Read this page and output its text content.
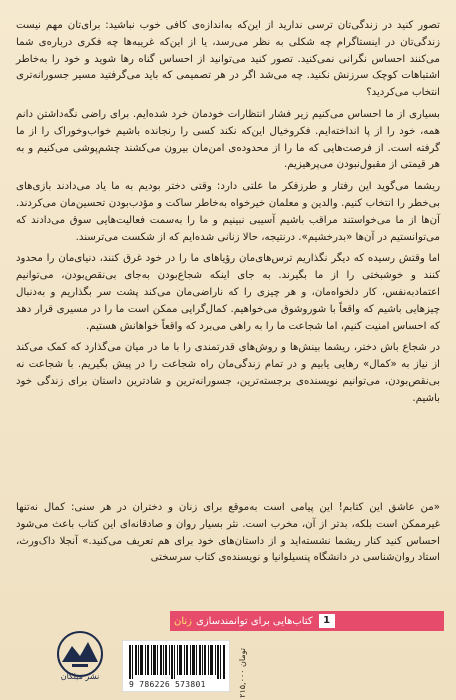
تصور کنید در زندگی‌تان ترسی ندارید از این‌که به‌اندازه‌ی کافی خوب نباشید: برای‌تان مهم نیست زندگی‌تان در اینستاگرام چه شکلی به نظر می‌رسد، یا از این‌که غریبه‌ها چه فکری درباره‌ی شما می‌کنند احساس نگرانی نمی‌کنید. تصور کنید می‌توانید از احساس گناه رها شوید و خود را به‌خاطر اشتباهات کوچک سرزنش نکنید. چه می‌شد اگر در هر تصمیمی که باید می‌گرفتید مسیر جسورانه‌تری انتخاب می‌کردید؟

بسیاری از ما احساس می‌کنیم زیر فشار انتظارات خودمان خرد شده‌ایم. برای راضی نگه‌داشتن دانم همه، خود را از پا انداخته‌ایم. فکروخیال این‌که نکند کسی را رنجانده باشیم خواب‌وخوراک را از ما گرفته است. از فرصت‌هایی که ما را از محدوده‌ی امن‌مان بیرون می‌کشند چشم‌پوشی می‌کنیم و به هر قیمتی از مقبول‌نبودن می‌پرهیزیم.

ریشما می‌گوید این رفتار و طرزفکر ما علتی دارد: وقتی دختر بودیم به ما یاد می‌دادند بازی‌های بی‌خطر را انتخاب کنیم. والدین و معلمان خیرخواه به‌خاطر ساکت و مؤدب‌بودن تحسین‌مان می‌کردند. آن‌ها از ما می‌خواستند مراقب باشیم آسیبی نبینیم و ما را به‌سمت فعالیت‌هایی سوق می‌دادند که می‌توانستیم در آن‌ها «بدرخشیم». درنتیجه، حالا زنانی شده‌ایم که از شکست می‌ترسند.

اما وقتش رسیده که دیگر نگذاریم ترس‌های‌مان رؤیاهای ما را در خود غرق کنند، دنیای‌مان را محدود کنند و خوشبختی را از ما بگیرند. به جای اینکه شجاع‌بودن به‌جای بی‌نقص‌بودن، می‌توانیم اعتمادبه‌نفس، کار دلخواه‌مان، و هر چیزی را که ناراضی‌مان می‌کند پشت سر بگذاریم و به‌دنبال چیزهایی باشیم که واقعاً با شوروشوق می‌خواهیم. کمال‌گرایی ممکن است ما را در مسیری قرار دهد که احساس امنیت کنیم، اما شجاعت ما را به راهی می‌برد که واقعاً خواهانش هستیم.

در شجاع باش دختر، ریشما بینش‌ها و روش‌های قدرتمندی را با ما در میان می‌گذارد که کمک می‌کند از نیاز به «کمال» رهایی یابیم و در تمام زندگی‌مان راه شجاعت را در پیش بگیریم. با شجاعت نه بی‌نقص‌بودن، می‌توانیم نویسنده‌ی برجسته‌ترین، جسورانه‌ترین و شادترین داستان برای زندگی خود باشیم.

«من عاشق این کتابم! این پیامی است به‌موقع برای زنان و دختران در هر سنی: کمال نه‌تنها غیرممکن است بلکه، بدتر از آن، مخرب است. نثر بسیار روان و صادقانه‌ای این کتاب باعث می‌شود احساس کنید کنار ریشما نشسته‌اید و از داستان‌های خود برای هم تعریف می‌کنید.» آنجلا داک‌ورث، استاد روان‌شناسی در دانشگاه پنسیلوانیا و نویسنده‌ی کتاب سرسختی

1
کتاب‌هایی برای توانمندسازی
زنان
9 786226 573801	۲۱۵,۰۰۰ تومان
نشر میلکان
